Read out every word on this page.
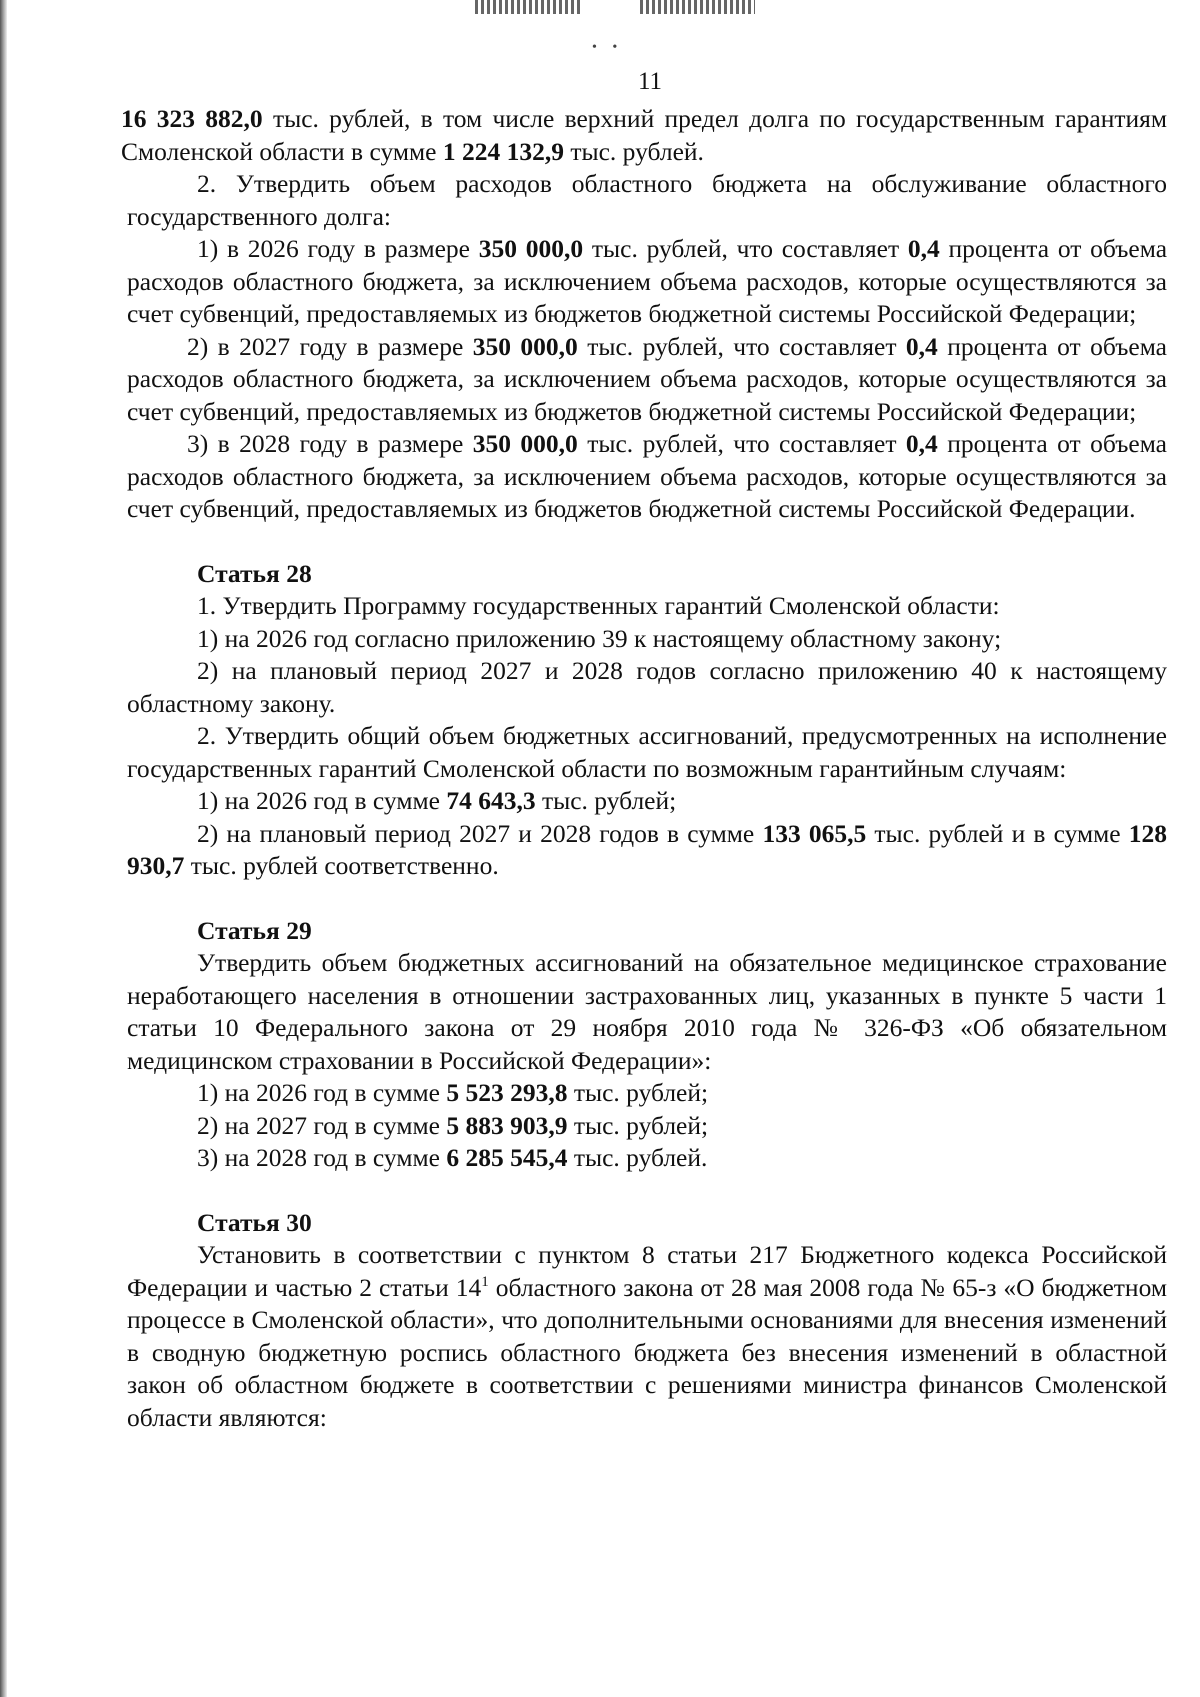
• •
11

16 323 882,0 тыс. рублей, в том числе верхний предел долга по государственным гарантиям Смоленской области в сумме 1 224 132,9 тыс. рублей.

2. Утвердить объем расходов областного бюджета на обслуживание областного государственного долга:

1) в 2026 году в размере 350 000,0 тыс. рублей, что составляет 0,4 процента от объема расходов областного бюджета, за исключением объема расходов, которые осуществляются за счет субвенций, предоставляемых из бюджетов бюджетной системы Российской Федерации;

2) в 2027 году в размере 350 000,0 тыс. рублей, что составляет 0,4 процента от объема расходов областного бюджета, за исключением объема расходов, которые осуществляются за счет субвенций, предоставляемых из бюджетов бюджетной системы Российской Федерации;

3) в 2028 году в размере 350 000,0 тыс. рублей, что составляет 0,4 процента от объема расходов областного бюджета, за исключением объема расходов, которые осуществляются за счет субвенций, предоставляемых из бюджетов бюджетной системы Российской Федерации.

Статья 28

1. Утвердить Программу государственных гарантий Смоленской области:

1) на 2026 год согласно приложению 39 к настоящему областному закону;

2) на плановый период 2027 и 2028 годов согласно приложению 40 к настоящему областному закону.

2. Утвердить общий объем бюджетных ассигнований, предусмотренных на исполнение государственных гарантий Смоленской области по возможным гарантийным случаям:

1) на 2026 год в сумме 74 643,3 тыс. рублей;

2) на плановый период 2027 и 2028 годов в сумме 133 065,5 тыс. рублей и в сумме 128 930,7 тыс. рублей соответственно.

Статья 29

Утвердить объем бюджетных ассигнований на обязательное медицинское страхование неработающего населения в отношении застрахованных лиц, указанных в пункте 5 части 1 статьи 10 Федерального закона от 29 ноября 2010 года № 326-ФЗ «Об обязательном медицинском страховании в Российской Федерации»:

1) на 2026 год в сумме 5 523 293,8 тыс. рублей;

2) на 2027 год в сумме 5 883 903,9 тыс. рублей;

3) на 2028 год в сумме 6 285 545,4 тыс. рублей.

Статья 30

Установить в соответствии с пунктом 8 статьи 217 Бюджетного кодекса Российской Федерации и частью 2 статьи $14^1$ областного закона от 28 мая 2008 года № 65-з «О бюджетном процессе в Смоленской области», что дополнительными основаниями для внесения изменений в сводную бюджетную роспись областного бюджета без внесения изменений в областной закон об областном бюджете в соответствии с решениями министра финансов Смоленской области являются:
